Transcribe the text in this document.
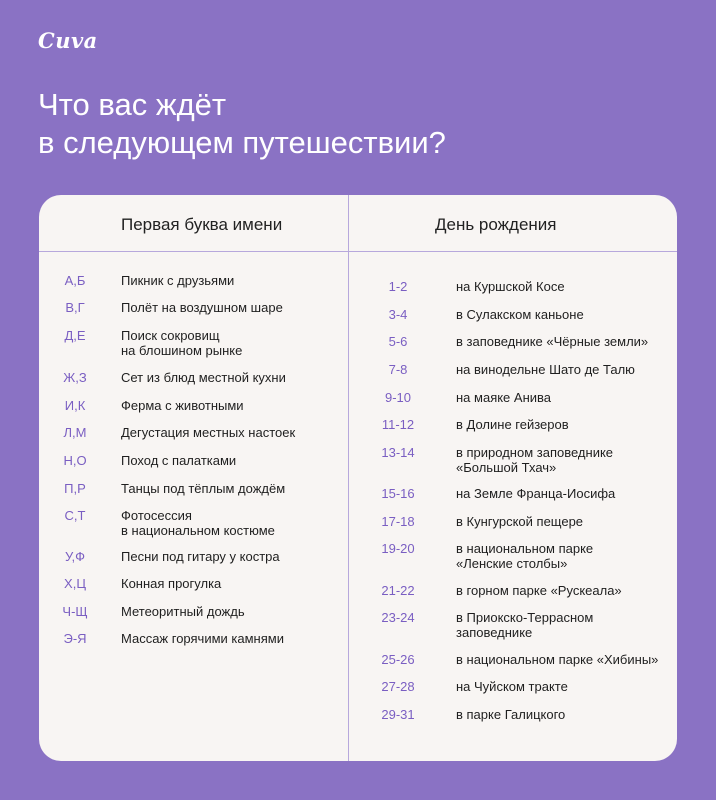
Cuva
Что вас ждёт
в следующем путешествии?
Первая буква имени	День рождения
А,Б	Пикник с друзьями
В,Г	Полёт на воздушном шаре
Д,Е	Поиск сокровищ
на блошином рынке
Ж,З	Сет из блюд местной кухни
И,К	Ферма с животными
Л,М	Дегустация местных настоек
Н,О	Поход с палатками
П,Р	Танцы под тёплым дождём
С,Т	Фотосессия
в национальном костюме
У,Ф	Песни под гитару у костра
Х,Ц	Конная прогулка
Ч-Щ	Метеоритный дождь
Э-Я	Массаж горячими камнями
1-2	на Куршской Косе
3-4	в Сулакском каньоне
5-6	в заповеднике «Чёрные земли»
7-8	на винодельне Шато де Талю
9-10	на маяке Анива
11-12	в Долине гейзеров
13-14	в природном заповеднике
«Большой Тхач»
15-16	на Земле Франца-Иосифа
17-18	в Кунгурской пещере
19-20	в национальном парке
«Ленские столбы»
21-22	в горном парке «Рускеала»
23-24	в Приокско-Террасном
заповеднике
25-26	в национальном парке «Хибины»
27-28	на Чуйском тракте
29-31	в парке Галицкого
